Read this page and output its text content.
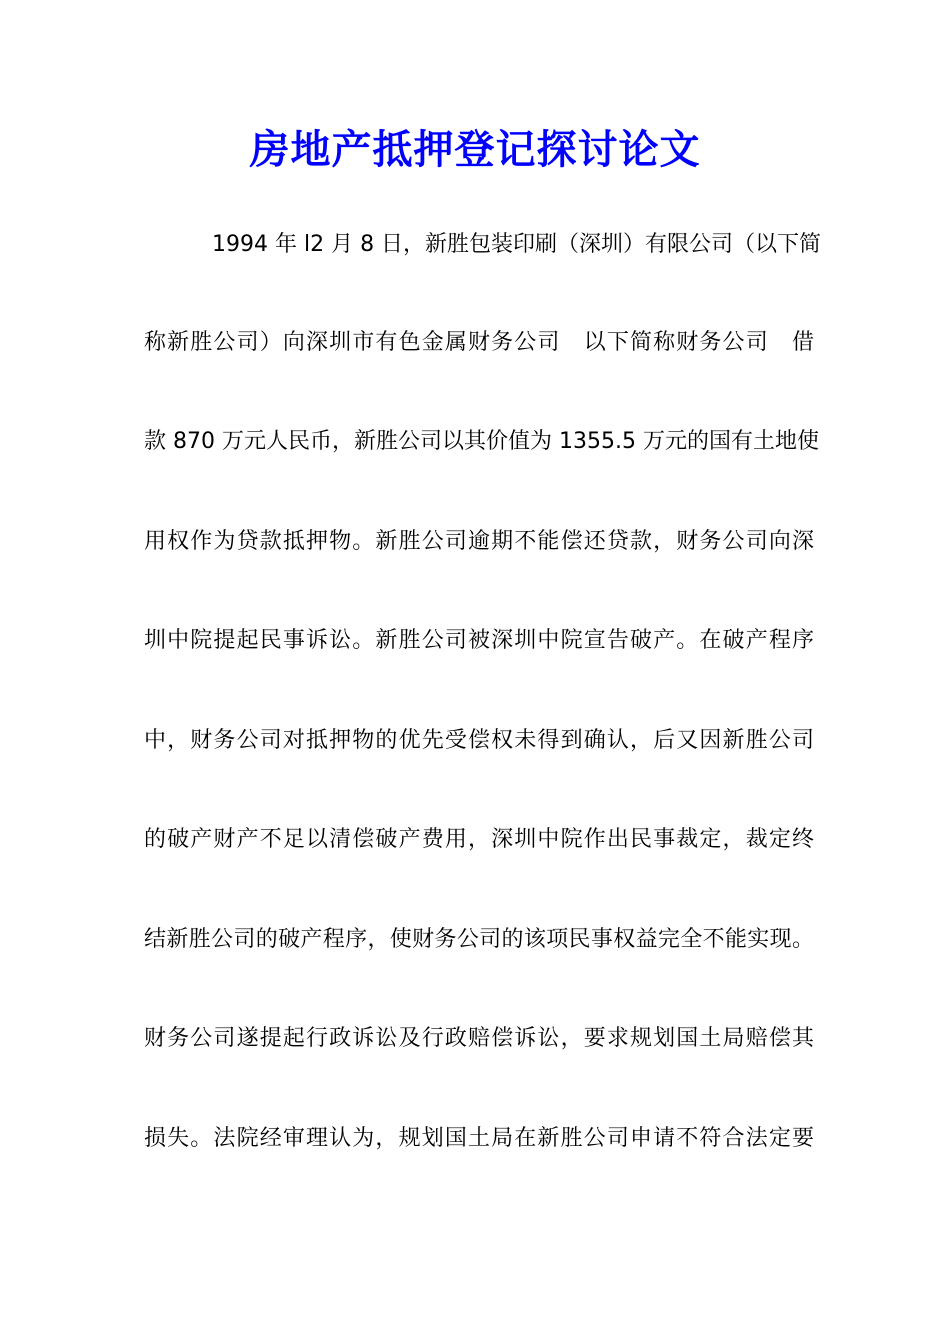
房地产抵押登记探讨论文
1994 年 l2 月 8 日，新胜包装印刷（深圳）有限公司（以下简
称新胜公司）向深圳市有色金属财务公司　以下简称财务公司　借
款 870 万元人民币，新胜公司以其价值为 1355.5 万元的国有土地使
用权作为贷款抵押物。新胜公司逾期不能偿还贷款，财务公司向深
圳中院提起民事诉讼。新胜公司被深圳中院宣告破产。在破产程序
中，财务公司对抵押物的优先受偿权未得到确认，后又因新胜公司
的破产财产不足以清偿破产费用，深圳中院作出民事裁定，裁定终
结新胜公司的破产程序，使财务公司的该项民事权益完全不能实现。
财务公司遂提起行政诉讼及行政赔偿诉讼，要求规划国土局赔偿其
损失。法院经审理认为，规划国土局在新胜公司申请不符合法定要
